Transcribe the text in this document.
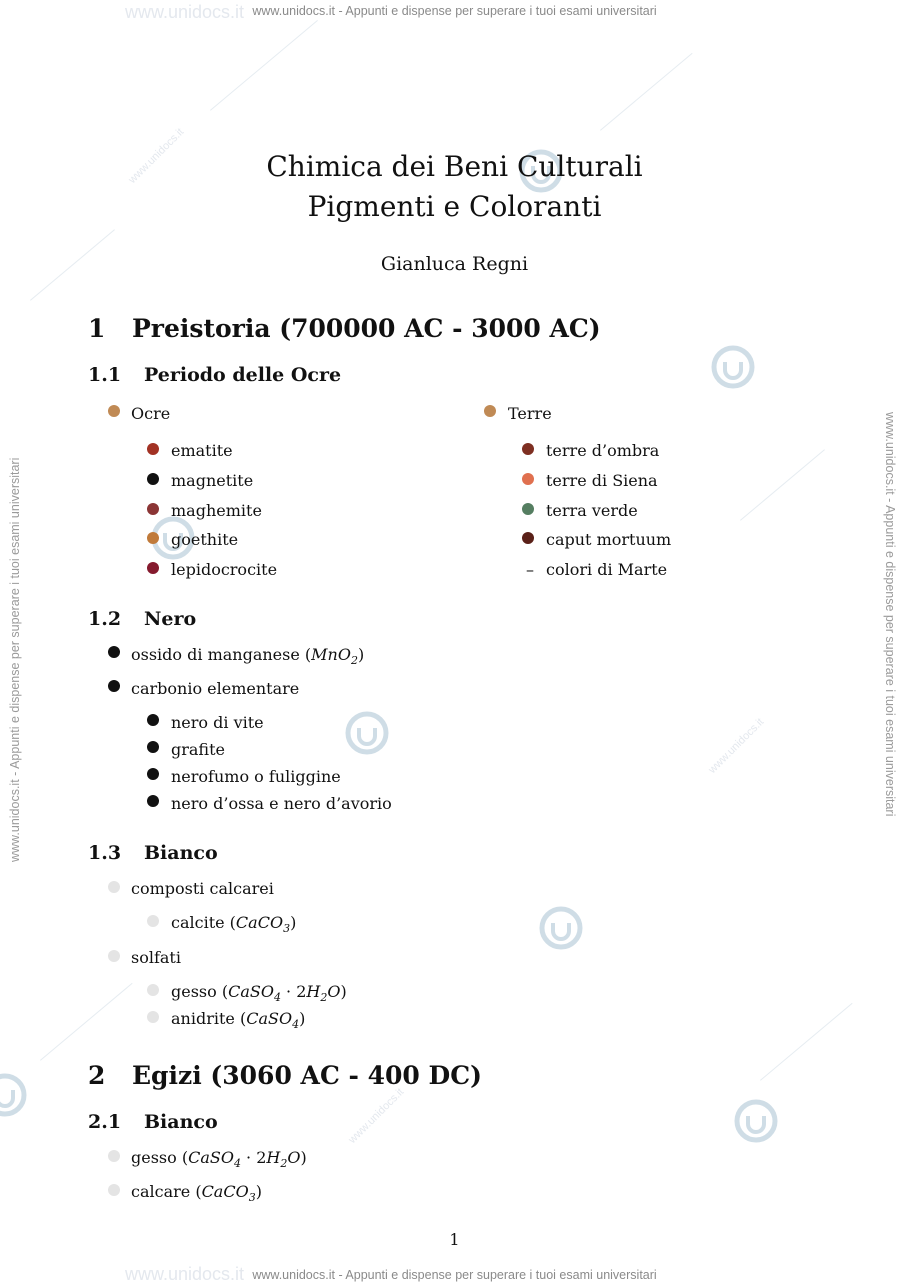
www.unidocs.it - Appunti e dispense per superare i tuoi esami universitari
www.unidocs.it - Appunti e dispense per superare i tuoi esami universitari
www.unidocs.it
www.unidocs.it
www.unidocs.it
www.unidocs.it
www.unidocs.it
www.unidocs.it - Appunti e dispense per superare i tuoi esami universitari	www.unidocs.it - Appunti e dispense per superare i tuoi esami universitari
Chimica dei Beni Culturali
Pigmenti e Coloranti
Gianluca Regni
1 Preistoria (700000 AC - 3000 AC)
1.1 Periodo delle Ocre
Ocre
ematite
magnetite
maghemite
goethite
lepidocrocite
Terre
terre d’ombra
terre di Siena
terra verde
caput mortuum
– colori di Marte
1.2 Nero
ossido di manganese (MnO$_2$)
carbonio elementare
nero di vite
grafite
nerofumo o fuliggine
nero d’ossa e nero d’avorio
1.3 Bianco
composti calcarei
calcite (CaCO$_3$)
solfati
gesso (CaSO$_4$ · $2H_2O$)
anidrite (CaSO$_4$)
2 Egizi (3060 AC - 400 DC)
2.1 Bianco
gesso (CaSO$_4$ · $2H_2O$)
calcare (CaCO$_3$)
1
